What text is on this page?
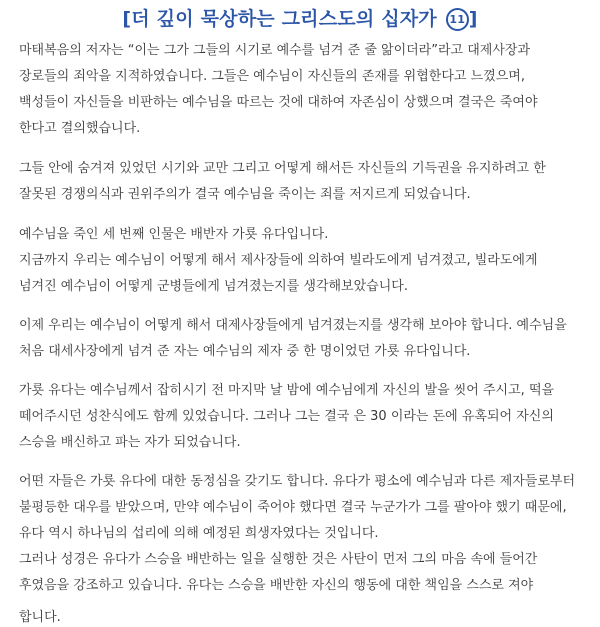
[더 깊이 묵상하는 그리스도의 십자가 11 ]
마태복음의 저자는 “이는 그가 그들의 시기로 예수를 넘겨 준 줄 앎이더라”라고 대제사장과
장로들의 죄악을 지적하였습니다. 그들은 예수님이 자신들의 존재를 위협한다고 느꼈으며,
백성들이 자신들을 비판하는 예수님을 따르는 것에 대하여 자존심이 상했으며 결국은 죽여야
한다고 결의했습니다.
그들 안에 숨겨져 있었던 시기와 교만 그리고 어떻게 해서든 자신들의 기득권을 유지하려고 한
잘못된 경쟁의식과 권위주의가 결국 예수님을 죽이는 죄를 저지르게 되었습니다.
예수님을 죽인 세 번째 인물은 배반자 가룟 유다입니다.
지금까지 우리는 예수님이 어떻게 해서 제사장들에 의하여 빌라도에게 넘겨졌고, 빌라도에게
넘겨진 예수님이 어떻게 군병들에게 넘겨졌는지를 생각해보았습니다.
이제 우리는 예수님이 어떻게 해서 대제사장들에게 넘겨졌는지를 생각해 보아야 합니다. 예수님을
처음 대세사장에게 넘겨 준 자는 예수님의 제자 중 한 명이었던 가룟 유다입니다.
가룟 유다는 예수님께서 잡히시기 전 마지막 날 밤에 예수님에게 자신의 발을 씻어 주시고, 떡을
떼어주시던 성찬식에도 함께 있었습니다. 그러나 그는 결국 은 30 이라는 돈에 유혹되어 자신의
스승을 배신하고 파는 자가 되었습니다.
어떤 자들은 가룟 유다에 대한 동정심을 갖기도 합니다. 유다가 평소에 예수님과 다른 제자들로부터
불평등한 대우를 받았으며, 만약 예수님이 죽어야 했다면 결국 누군가가 그를 팔아야 했기 때문에,
유다 역시 하나님의 섭리에 의해 예정된 희생자였다는 것입니다.
그러나 성경은 유다가 스승을 배반하는 일을 실행한 것은 사탄이 먼저 그의 마음 속에 들어간
후였음을 강조하고 있습니다. 유다는 스승을 배반한 자신의 행동에 대한 책임을 스스로 져야
합니다.
